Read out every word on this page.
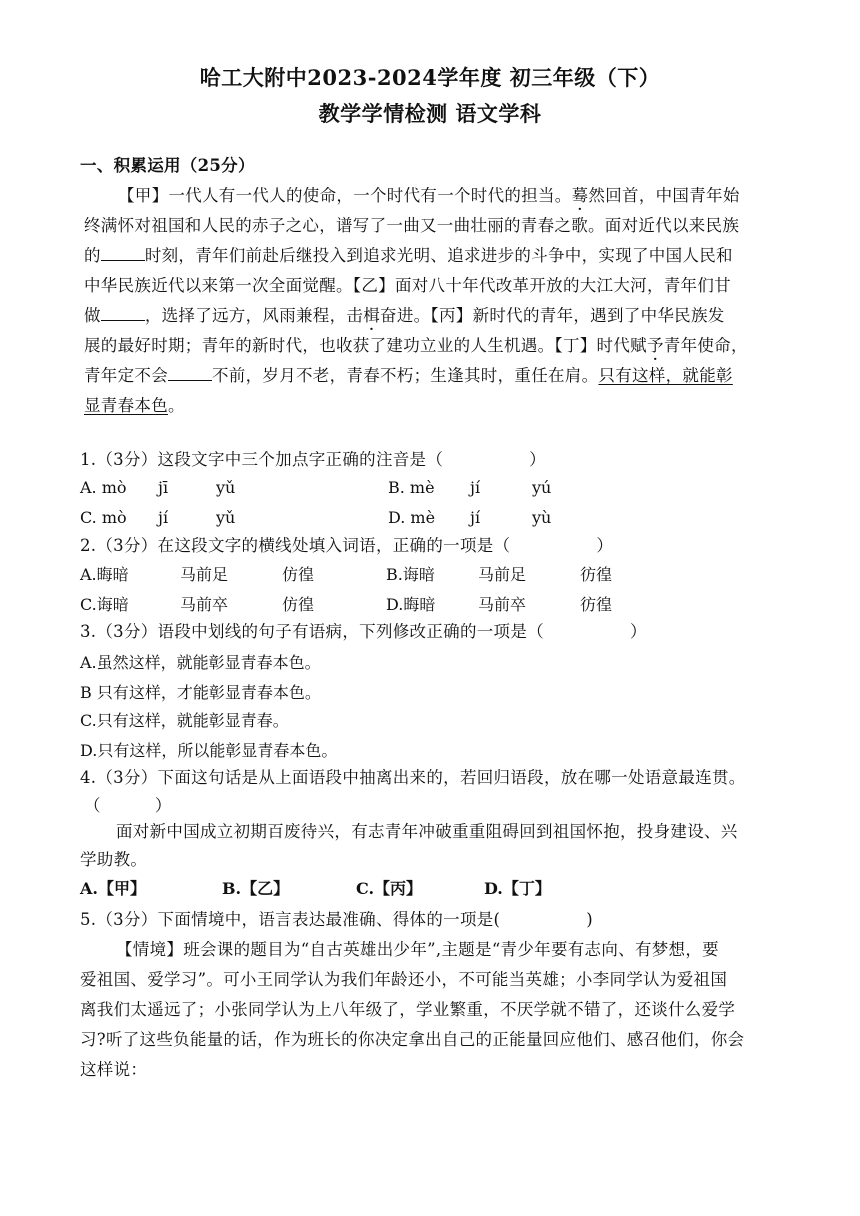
哈工大附中2023-2024学年度 初三年级（下）
教学学情检测 语文学科
一、积累运用（25分）
【甲】一代人有一代人的使命，一个时代有一个时代的担当。蓦然回首，中国青年始
终满怀对祖国和人民的赤子之心，谱写了一曲又一曲壮丽的青春之歌。面对近代以来民族
的	时刻，青年们前赴后继投入到追求光明、追求进步的斗争中，实现了中国人民和
中华民族近代以来第一次全面觉醒。【乙】面对八十年代改革开放的大江大河，青年们甘
做	，选择了远方，风雨兼程，击楫奋进。【丙】新时代的青年，遇到了中华民族发
展的最好时期；青年的新时代，也收获了建功立业的人生机遇。【丁】时代赋予青年使命，
青年定不会	不前，岁月不老，青春不朽；生逢其时，重任在肩。只有这样，就能彰
显青春本色。
1.（3分）这段文字中三个加点字正确的注音是（	）
A. mò jī	yǔ	B. mè jí	yú
C. mò jí	yǔ	D. mè jí	yù
2.（3分）在这段文字的横线处填入词语，正确的一项是（	）
A.晦暗	马前足	仿徨	B.诲暗	马前足	彷徨
C.诲暗	马前卒	仿徨	D.晦暗	马前卒	彷徨
3.（3分）语段中划线的句子有语病，下列修改正确的一项是（	）
A.虽然这样，就能彰显青春本色。
B 只有这样，才能彰显青春本色。
C.只有这样，就能彰显青春。
D.只有这样，所以能彰显青春本色。
4.（3分）下面这句话是从上面语段中抽离出来的，若回归语段，放在哪一处语意最连贯。
（	）
面对新中国成立初期百废待兴，有志青年冲破重重阻碍回到祖国怀抱，投身建设、兴
学助教。
A.【甲】	B.【乙】	C.【丙】	D.【丁】
5.（3分）下面情境中，语言表达最准确、得体的一项是(	)
【情境】班会课的题目为“自古英雄出少年”,主题是“青少年要有志向、有梦想，要
爱祖国、爱学习”。可小王同学认为我们年龄还小，不可能当英雄；小李同学认为爱祖国
离我们太遥远了；小张同学认为上八年级了，学业繁重，不厌学就不错了，还谈什么爱学
习?听了这些负能量的话，作为班长的你决定拿出自己的正能量回应他们、感召他们，你会
这样说：
